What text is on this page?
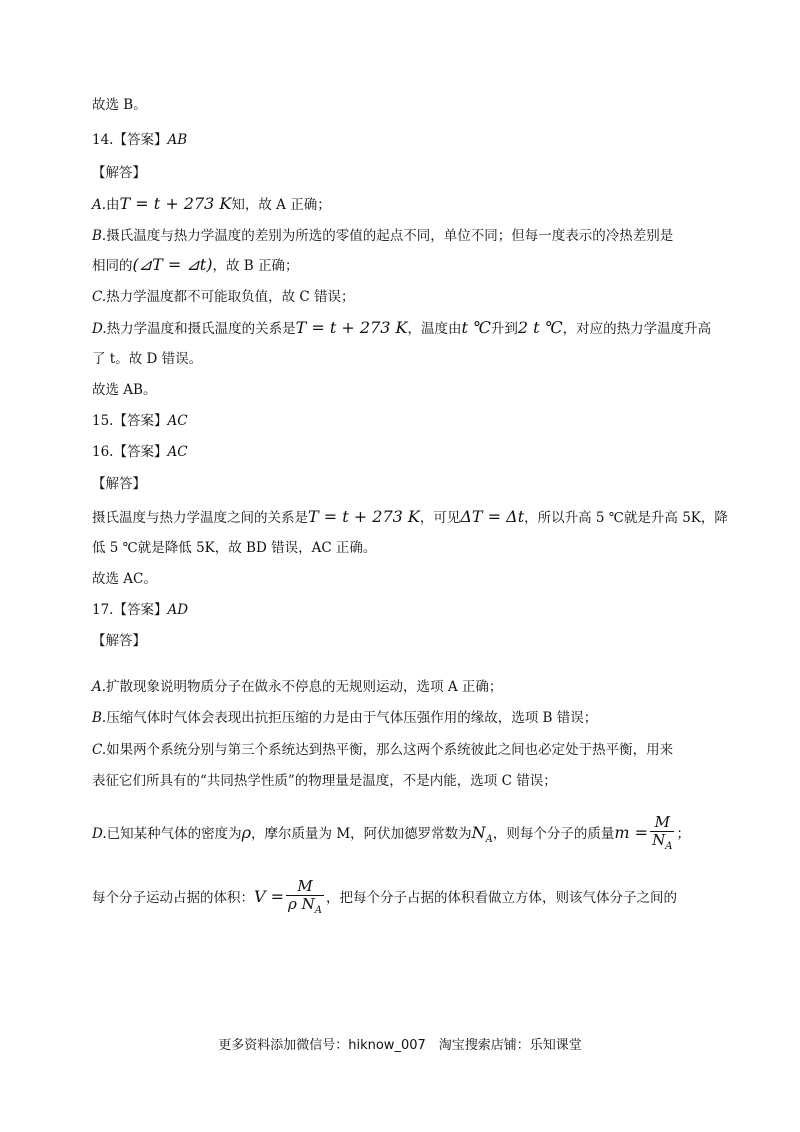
故选 B。
14.【答案】AB
【解答】
A.由T = t + 273 K知，故 A 正确；
B.摄氏温度与热力学温度的差别为所选的零值的起点不同，单位不同；但每一度表示的冷热差别是
相同的(⊿T = ⊿t)，故 B 正确；
C.热力学温度都不可能取负值，故 C 错误；
D.热力学温度和摄氏温度的关系是T = t + 273 K，温度由t ℃升到2 t ℃，对应的热力学温度升高
了 t。故 D 错误。
故选 AB。
15.【答案】AC
16.【答案】AC
【解答】
摄氏温度与热力学温度之间的关系是T = t + 273 K，可见ΔT = Δt，所以升高 5 ℃就是升高 5K，降
低 5 ℃就是降低 5K，故 BD 错误，AC 正确。
故选 AC。
17.【答案】AD
【解答】
A.扩散现象说明物质分子在做永不停息的无规则运动，选项 A 正确；
B.压缩气体时气体会表现出抗拒压缩的力是由于气体压强作用的缘故，选项 B 错误；
C.如果两个系统分别与第三个系统达到热平衡，那么这两个系统彼此之间也必定处于热平衡，用来
表征它们所具有的“共同热学性质”的物理量是温度，不是内能，选项 C 错误；
D.已知某种气体的密度为ρ，摩尔质量为 M，阿伏加德罗常数为$N_A$，则每个分子的质量$m = \frac{M}{N_A}$ ；
每个分子运动占据的体积：$V = \frac{M}{\rho N_A}$ ，把每个分子占据的体积看做立方体，则该气体分子之间的
更多资料添加微信号：hiknow_007　淘宝搜索店铺：乐知课堂
